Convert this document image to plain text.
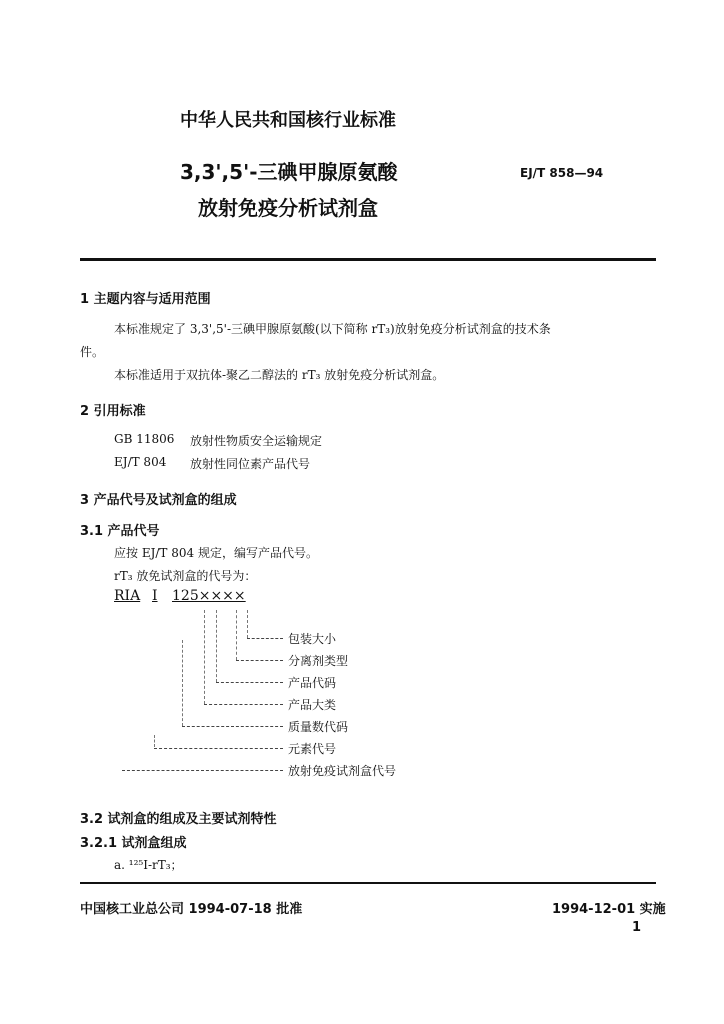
中华人民共和国核行业标准
3,3',5'-三碘甲腺原氨酸
放射免疫分析试剂盒
EJ/T 858—94
1 主题内容与适用范围
本标准规定了 3,3',5'-三碘甲腺原氨酸(以下简称 rT₃)放射免疫分析试剂盒的技术条
件。
本标准适用于双抗体-聚乙二醇法的 rT₃ 放射免疫分析试剂盒。
2 引用标准
GB 11806 放射性物质安全运输规定
EJ/T 804 放射性同位素产品代号
3 产品代号及试剂盒的组成
3.1 产品代号
应按 EJ/T 804 规定，编写产品代号。
rT₃ 放免试剂盒的代号为：
RIA I 125××××
包装大小
分离剂类型
产品代码
产品大类
质量数代码
元素代号
放射免疫试剂盒代号
3.2 试剂盒的组成及主要试剂特性
3.2.1 试剂盒组成
a. ¹²⁵I-rT₃；
中国核工业总公司 1994-07-18 批准	1994-12-01 实施
1
